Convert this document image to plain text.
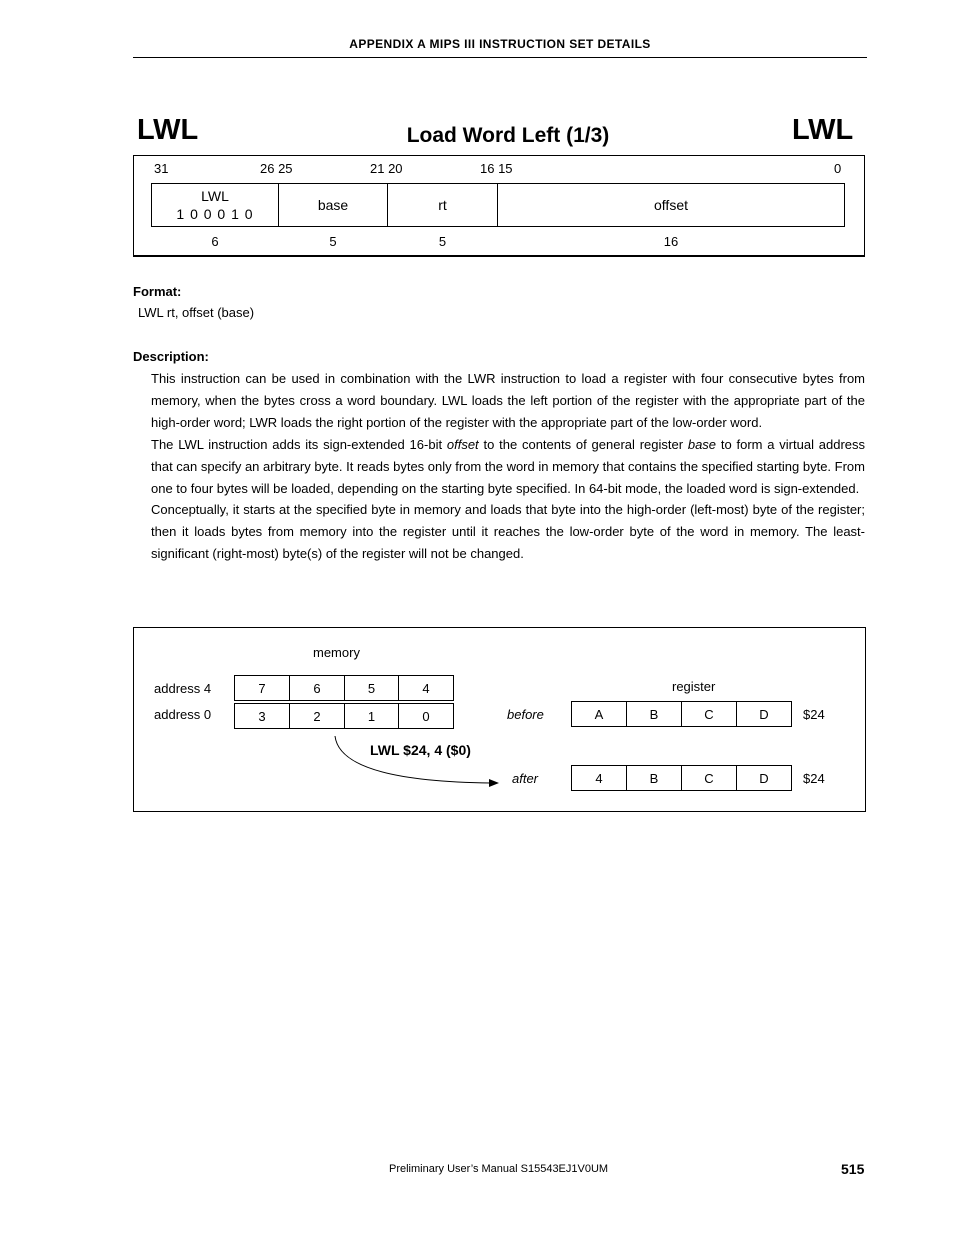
APPENDIX A MIPS III INSTRUCTION SET DETAILS
LWL	Load Word Left (1/3)	LWL
31	26 25	21 20	16 15	0
LWL
1 0 0 0 1 0
base	rt	offset
6	5	5	16
Format:
LWL rt, offset (base)
Description:
This instruction can be used in combination with the LWR instruction to load a register with four consecutive bytes from memory, when the bytes cross a word boundary. LWL loads the left portion of the register with the appropriate part of the high-order word; LWR loads the right portion of the register with the appropriate part of the low-order word.
The LWL instruction adds its sign-extended 16-bit offset to the contents of general register base to form a virtual address that can specify an arbitrary byte. It reads bytes only from the word in memory that contains the specified starting byte. From one to four bytes will be loaded, depending on the starting byte specified. In 64-bit mode, the loaded word is sign-extended.
Conceptually, it starts at the specified byte in memory and loads that byte into the high-order (left-most) byte of the register; then it loads bytes from memory into the register until it reaches the low-order byte of the word in memory. The least-significant (right-most) byte(s) of the register will not be changed.
memory
address 4
address 0
7	6	5	4
3	2	1	0
register
before
after
A	B	C	D
4	B	C	D
$24
$24
LWL $24, 4 ($0)
Preliminary User’s Manual S15543EJ1V0UM	515
